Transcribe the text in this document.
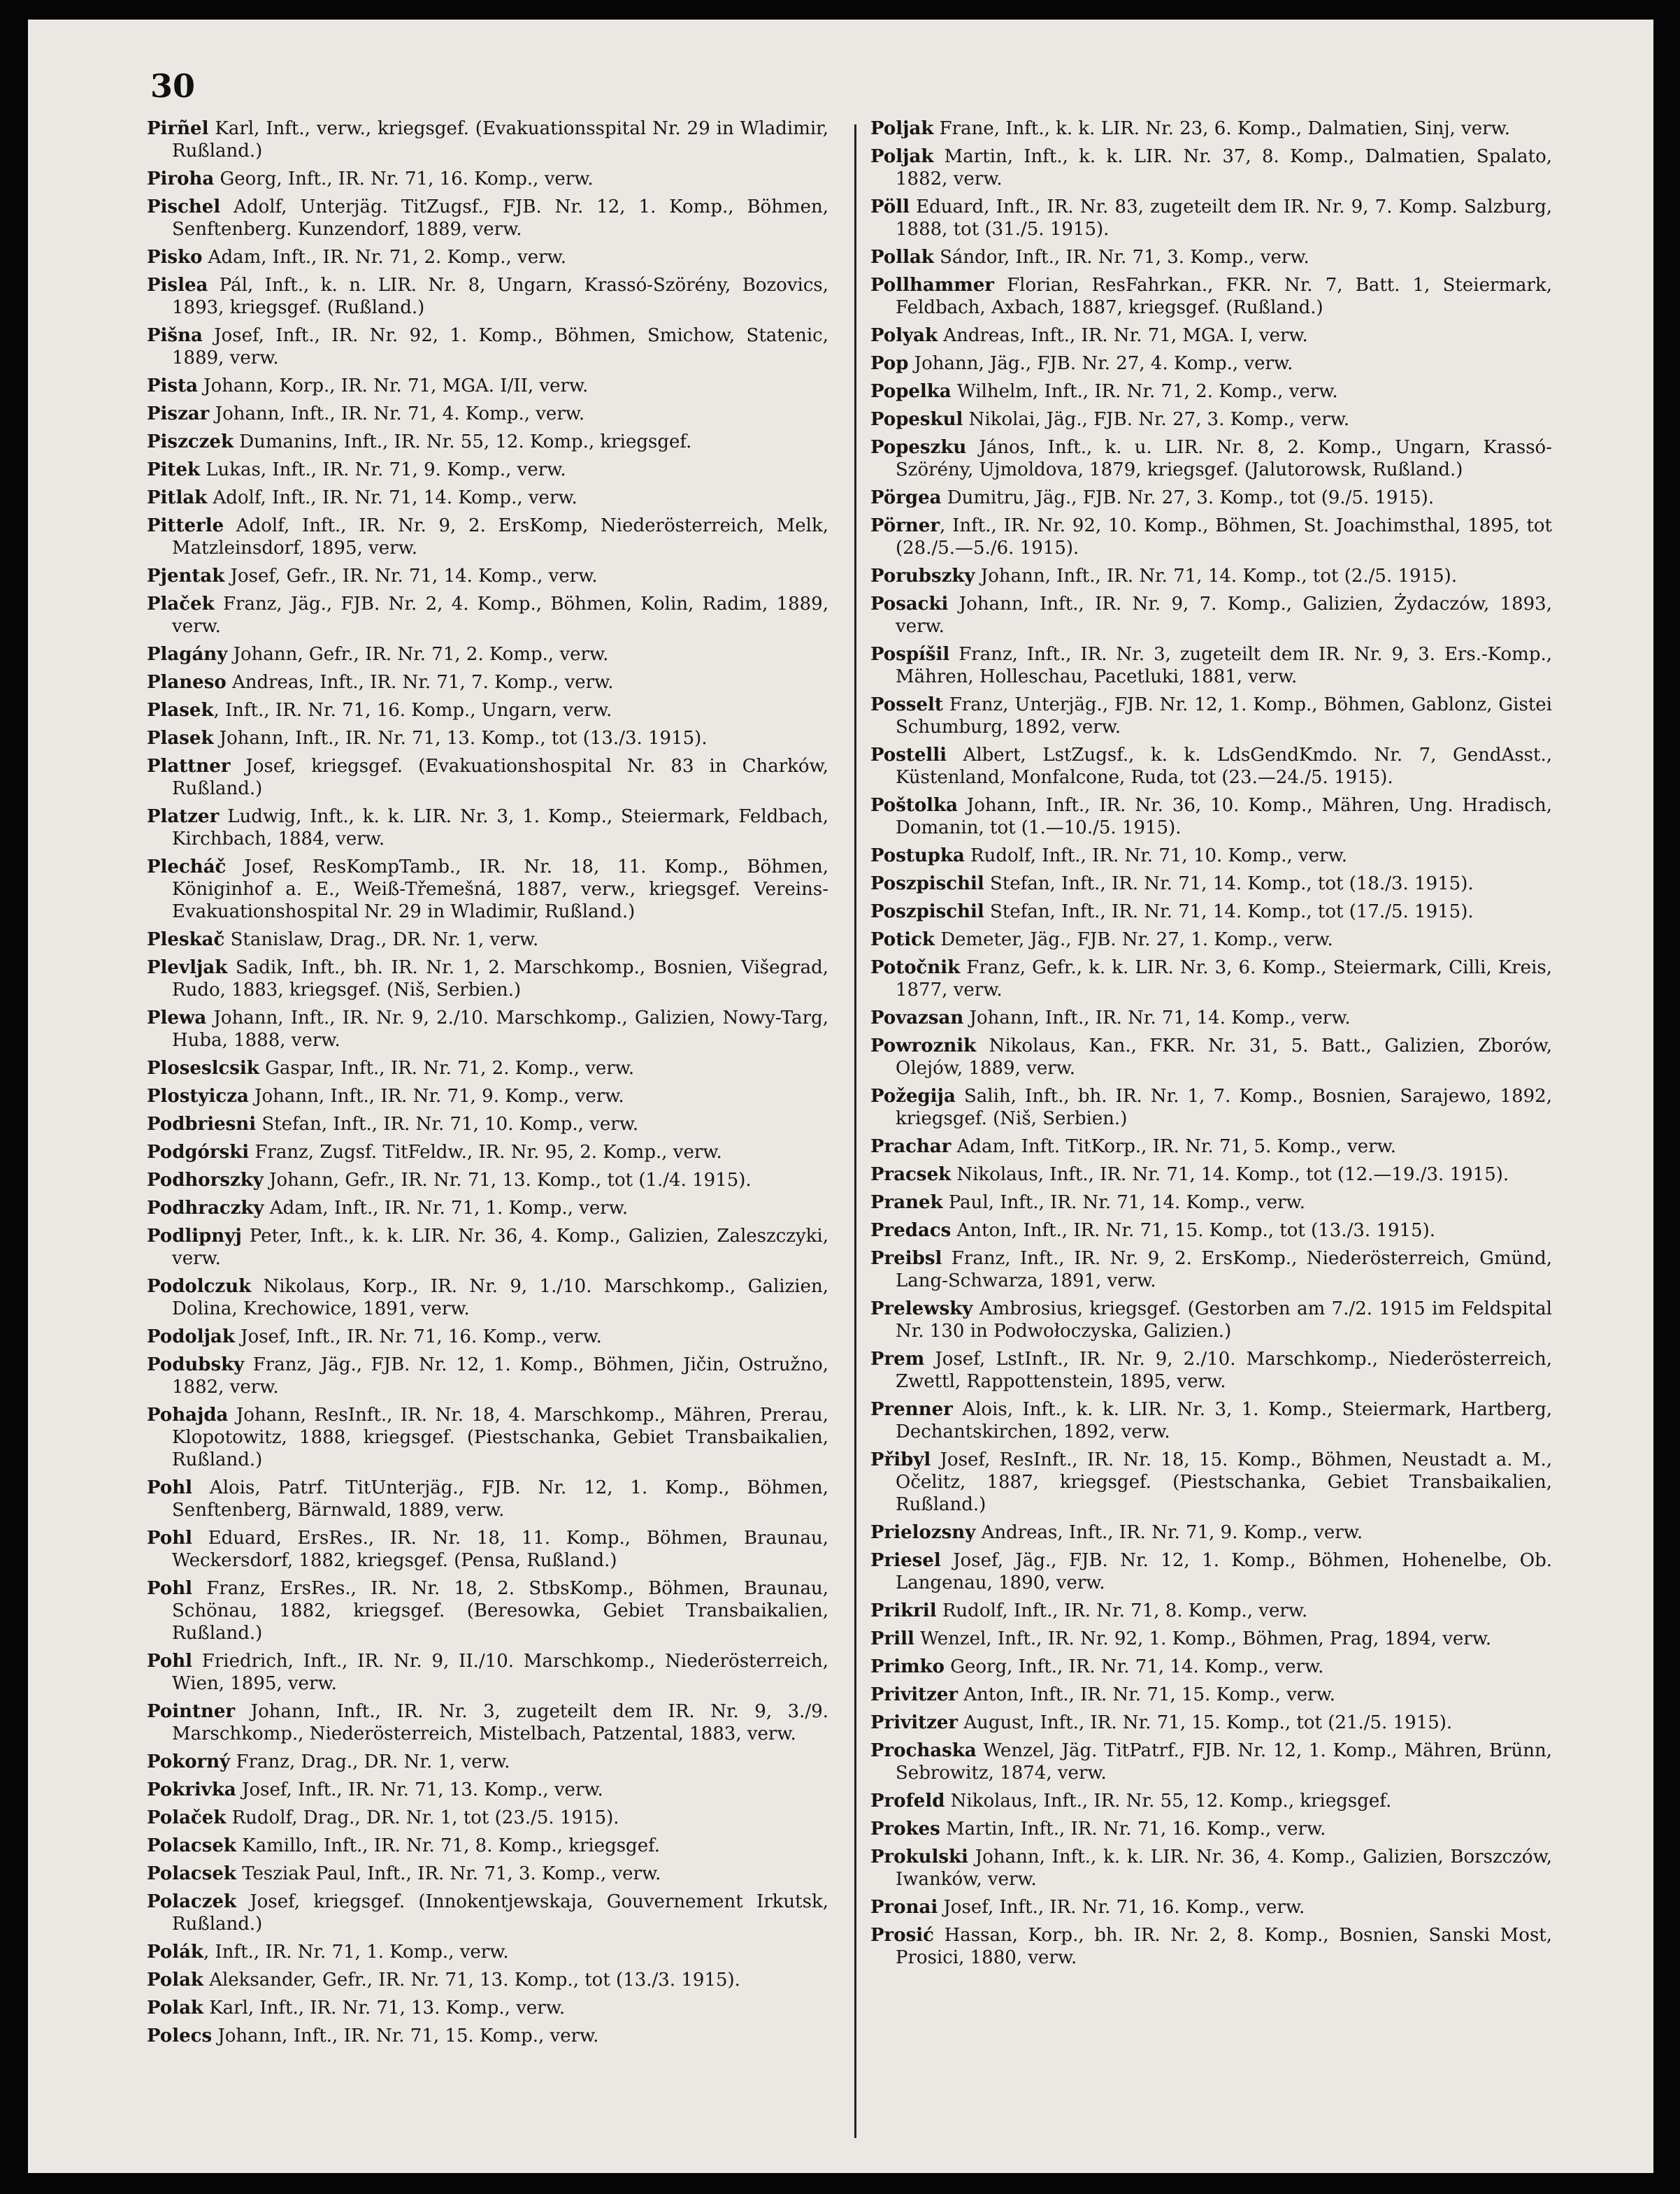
30

Pirñel Karl, Inft., verw., kriegsgef. (Evakuationsspital Nr. 29 in Wladimir, Rußland.)

Piroha Georg, Inft., IR. Nr. 71, 16. Komp., verw.

Pischel Adolf, Unterjäg. TitZugsf., FJB. Nr. 12, 1. Komp., Böhmen, Senftenberg. Kunzendorf, 1889, verw.

Pisko Adam, Inft., IR. Nr. 71, 2. Komp., verw.

Pislea Pál, Inft., k. n. LIR. Nr. 8, Ungarn, Krassó-Szörény, Bozovics, 1893, kriegsgef. (Rußland.)

Pišna Josef, Inft., IR. Nr. 92, 1. Komp., Böhmen, Smichow, Statenic, 1889, verw.

Pista Johann, Korp., IR. Nr. 71, MGA. I/II, verw.

Piszar Johann, Inft., IR. Nr. 71, 4. Komp., verw.

Piszczek Dumanins, Inft., IR. Nr. 55, 12. Komp., kriegsgef.

Pitek Lukas, Inft., IR. Nr. 71, 9. Komp., verw.

Pitlak Adolf, Inft., IR. Nr. 71, 14. Komp., verw.

Pitterle Adolf, Inft., IR. Nr. 9, 2. ErsKomp, Niederösterreich, Melk, Matzleinsdorf, 1895, verw.

Pjentak Josef, Gefr., IR. Nr. 71, 14. Komp., verw.

Plaček Franz, Jäg., FJB. Nr. 2, 4. Komp., Böhmen, Kolin, Radim, 1889, verw.

Plagány Johann, Gefr., IR. Nr. 71, 2. Komp., verw.

Planeso Andreas, Inft., IR. Nr. 71, 7. Komp., verw.

Plasek, Inft., IR. Nr. 71, 16. Komp., Ungarn, verw.

Plasek Johann, Inft., IR. Nr. 71, 13. Komp., tot (13./3. 1915).

Plattner Josef, kriegsgef. (Evakuationshospital Nr. 83 in Charków, Rußland.)

Platzer Ludwig, Inft., k. k. LIR. Nr. 3, 1. Komp., Steiermark, Feldbach, Kirchbach, 1884, verw.

Plecháč Josef, ResKompTamb., IR. Nr. 18, 11. Komp., Böhmen, Königinhof a. E., Weiß-Třemešná, 1887, verw., kriegsgef. Vereins-Evakuationshospital Nr. 29 in Wladimir, Rußland.)

Pleskač Stanislaw, Drag., DR. Nr. 1, verw.

Plevljak Sadik, Inft., bh. IR. Nr. 1, 2. Marschkomp., Bosnien, Višegrad, Rudo, 1883, kriegsgef. (Niš, Serbien.)

Plewa Johann, Inft., IR. Nr. 9, 2./10. Marschkomp., Galizien, Nowy-Targ, Huba, 1888, verw.

Ploseslcsik Gaspar, Inft., IR. Nr. 71, 2. Komp., verw.

Plostyicza Johann, Inft., IR. Nr. 71, 9. Komp., verw.

Podbriesni Stefan, Inft., IR. Nr. 71, 10. Komp., verw.

Podgórski Franz, Zugsf. TitFeldw., IR. Nr. 95, 2. Komp., verw.

Podhorszky Johann, Gefr., IR. Nr. 71, 13. Komp., tot (1./4. 1915).

Podhraczky Adam, Inft., IR. Nr. 71, 1. Komp., verw.

Podlipnyj Peter, Inft., k. k. LIR. Nr. 36, 4. Komp., Galizien, Zaleszczyki, verw.

Podolczuk Nikolaus, Korp., IR. Nr. 9, 1./10. Marschkomp., Galizien, Dolina, Krechowice, 1891, verw.

Podoljak Josef, Inft., IR. Nr. 71, 16. Komp., verw.

Podubsky Franz, Jäg., FJB. Nr. 12, 1. Komp., Böhmen, Jičin, Ostružno, 1882, verw.

Pohajda Johann, ResInft., IR. Nr. 18, 4. Marschkomp., Mähren, Prerau, Klopotowitz, 1888, kriegsgef. (Piestschanka, Gebiet Transbaikalien, Rußland.)

Pohl Alois, Patrf. TitUnterjäg., FJB. Nr. 12, 1. Komp., Böhmen, Senftenberg, Bärnwald, 1889, verw.

Pohl Eduard, ErsRes., IR. Nr. 18, 11. Komp., Böhmen, Braunau, Weckersdorf, 1882, kriegsgef. (Pensa, Rußland.)

Pohl Franz, ErsRes., IR. Nr. 18, 2. StbsKomp., Böhmen, Braunau, Schönau, 1882, kriegsgef. (Beresowka, Gebiet Transbaikalien, Rußland.)

Pohl Friedrich, Inft., IR. Nr. 9, II./10. Marschkomp., Niederösterreich, Wien, 1895, verw.

Pointner Johann, Inft., IR. Nr. 3, zugeteilt dem IR. Nr. 9, 3./9. Marschkomp., Niederösterreich, Mistelbach, Patzental, 1883, verw.

Pokorný Franz, Drag., DR. Nr. 1, verw.

Pokrivka Josef, Inft., IR. Nr. 71, 13. Komp., verw.

Polaček Rudolf, Drag., DR. Nr. 1, tot (23./5. 1915).

Polacsek Kamillo, Inft., IR. Nr. 71, 8. Komp., kriegsgef.

Polacsek Tesziak Paul, Inft., IR. Nr. 71, 3. Komp., verw.

Polaczek Josef, kriegsgef. (Innokentjewskaja, Gouvernement Irkutsk, Rußland.)

Polák, Inft., IR. Nr. 71, 1. Komp., verw.

Polak Aleksander, Gefr., IR. Nr. 71, 13. Komp., tot (13./3. 1915).

Polak Karl, Inft., IR. Nr. 71, 13. Komp., verw.

Polecs Johann, Inft., IR. Nr. 71, 15. Komp., verw.

Poljak Frane, Inft., k. k. LIR. Nr. 23, 6. Komp., Dalmatien, Sinj, verw.

Poljak Martin, Inft., k. k. LIR. Nr. 37, 8. Komp., Dalmatien, Spalato, 1882, verw.

Pöll Eduard, Inft., IR. Nr. 83, zugeteilt dem IR. Nr. 9, 7. Komp. Salzburg, 1888, tot (31./5. 1915).

Pollak Sándor, Inft., IR. Nr. 71, 3. Komp., verw.

Pollhammer Florian, ResFahrkan., FKR. Nr. 7, Batt. 1, Steiermark, Feldbach, Axbach, 1887, kriegsgef. (Rußland.)

Polyak Andreas, Inft., IR. Nr. 71, MGA. I, verw.

Pop Johann, Jäg., FJB. Nr. 27, 4. Komp., verw.

Popelka Wilhelm, Inft., IR. Nr. 71, 2. Komp., verw.

Popeskul Nikolai, Jäg., FJB. Nr. 27, 3. Komp., verw.

Popeszku János, Inft., k. u. LIR. Nr. 8, 2. Komp., Ungarn, Krassó-Szörény, Ujmoldova, 1879, kriegsgef. (Jalutorowsk, Rußland.)

Pörgea Dumitru, Jäg., FJB. Nr. 27, 3. Komp., tot (9./5. 1915).

Pörner, Inft., IR. Nr. 92, 10. Komp., Böhmen, St. Joachimsthal, 1895, tot (28./5.—5./6. 1915).

Porubszky Johann, Inft., IR. Nr. 71, 14. Komp., tot (2./5. 1915).

Posacki Johann, Inft., IR. Nr. 9, 7. Komp., Galizien, Żydaczów, 1893, verw.

Pospíšil Franz, Inft., IR. Nr. 3, zugeteilt dem IR. Nr. 9, 3. Ers.-Komp., Mähren, Holleschau, Pacetluki, 1881, verw.

Posselt Franz, Unterjäg., FJB. Nr. 12, 1. Komp., Böhmen, Gablonz, Gistei Schumburg, 1892, verw.

Postelli Albert, LstZugsf., k. k. LdsGendKmdo. Nr. 7, GendAsst., Küstenland, Monfalcone, Ruda, tot (23.—24./5. 1915).

Poštolka Johann, Inft., IR. Nr. 36, 10. Komp., Mähren, Ung. Hradisch, Domanin, tot (1.—10./5. 1915).

Postupka Rudolf, Inft., IR. Nr. 71, 10. Komp., verw.

Poszpischil Stefan, Inft., IR. Nr. 71, 14. Komp., tot (18./3. 1915).

Poszpischil Stefan, Inft., IR. Nr. 71, 14. Komp., tot (17./5. 1915).

Potick Demeter, Jäg., FJB. Nr. 27, 1. Komp., verw.

Potočnik Franz, Gefr., k. k. LIR. Nr. 3, 6. Komp., Steiermark, Cilli, Kreis, 1877, verw.

Povazsan Johann, Inft., IR. Nr. 71, 14. Komp., verw.

Powroznik Nikolaus, Kan., FKR. Nr. 31, 5. Batt., Galizien, Zborów, Olejów, 1889, verw.

Požegija Salih, Inft., bh. IR. Nr. 1, 7. Komp., Bosnien, Sarajewo, 1892, kriegsgef. (Niš, Serbien.)

Prachar Adam, Inft. TitKorp., IR. Nr. 71, 5. Komp., verw.

Pracsek Nikolaus, Inft., IR. Nr. 71, 14. Komp., tot (12.—19./3. 1915).

Pranek Paul, Inft., IR. Nr. 71, 14. Komp., verw.

Predacs Anton, Inft., IR. Nr. 71, 15. Komp., tot (13./3. 1915).

Preibsl Franz, Inft., IR. Nr. 9, 2. ErsKomp., Niederösterreich, Gmünd, Lang-Schwarza, 1891, verw.

Prelewsky Ambrosius, kriegsgef. (Gestorben am 7./2. 1915 im Feldspital Nr. 130 in Podwołoczyska, Galizien.)

Prem Josef, LstInft., IR. Nr. 9, 2./10. Marschkomp., Niederösterreich, Zwettl, Rappottenstein, 1895, verw.

Prenner Alois, Inft., k. k. LIR. Nr. 3, 1. Komp., Steiermark, Hartberg, Dechantskirchen, 1892, verw.

Přibyl Josef, ResInft., IR. Nr. 18, 15. Komp., Böhmen, Neustadt a. M., Očelitz, 1887, kriegsgef. (Piestschanka, Gebiet Transbaikalien, Rußland.)

Prielozsny Andreas, Inft., IR. Nr. 71, 9. Komp., verw.

Priesel Josef, Jäg., FJB. Nr. 12, 1. Komp., Böhmen, Hohenelbe, Ob. Langenau, 1890, verw.

Prikril Rudolf, Inft., IR. Nr. 71, 8. Komp., verw.

Prill Wenzel, Inft., IR. Nr. 92, 1. Komp., Böhmen, Prag, 1894, verw.

Primko Georg, Inft., IR. Nr. 71, 14. Komp., verw.

Privitzer Anton, Inft., IR. Nr. 71, 15. Komp., verw.

Privitzer August, Inft., IR. Nr. 71, 15. Komp., tot (21./5. 1915).

Prochaska Wenzel, Jäg. TitPatrf., FJB. Nr. 12, 1. Komp., Mähren, Brünn, Sebrowitz, 1874, verw.

Profeld Nikolaus, Inft., IR. Nr. 55, 12. Komp., kriegsgef.

Prokes Martin, Inft., IR. Nr. 71, 16. Komp., verw.

Prokulski Johann, Inft., k. k. LIR. Nr. 36, 4. Komp., Galizien, Borszczów, Iwanków, verw.

Pronai Josef, Inft., IR. Nr. 71, 16. Komp., verw.

Prosić Hassan, Korp., bh. IR. Nr. 2, 8. Komp., Bosnien, Sanski Most, Prosici, 1880, verw.
